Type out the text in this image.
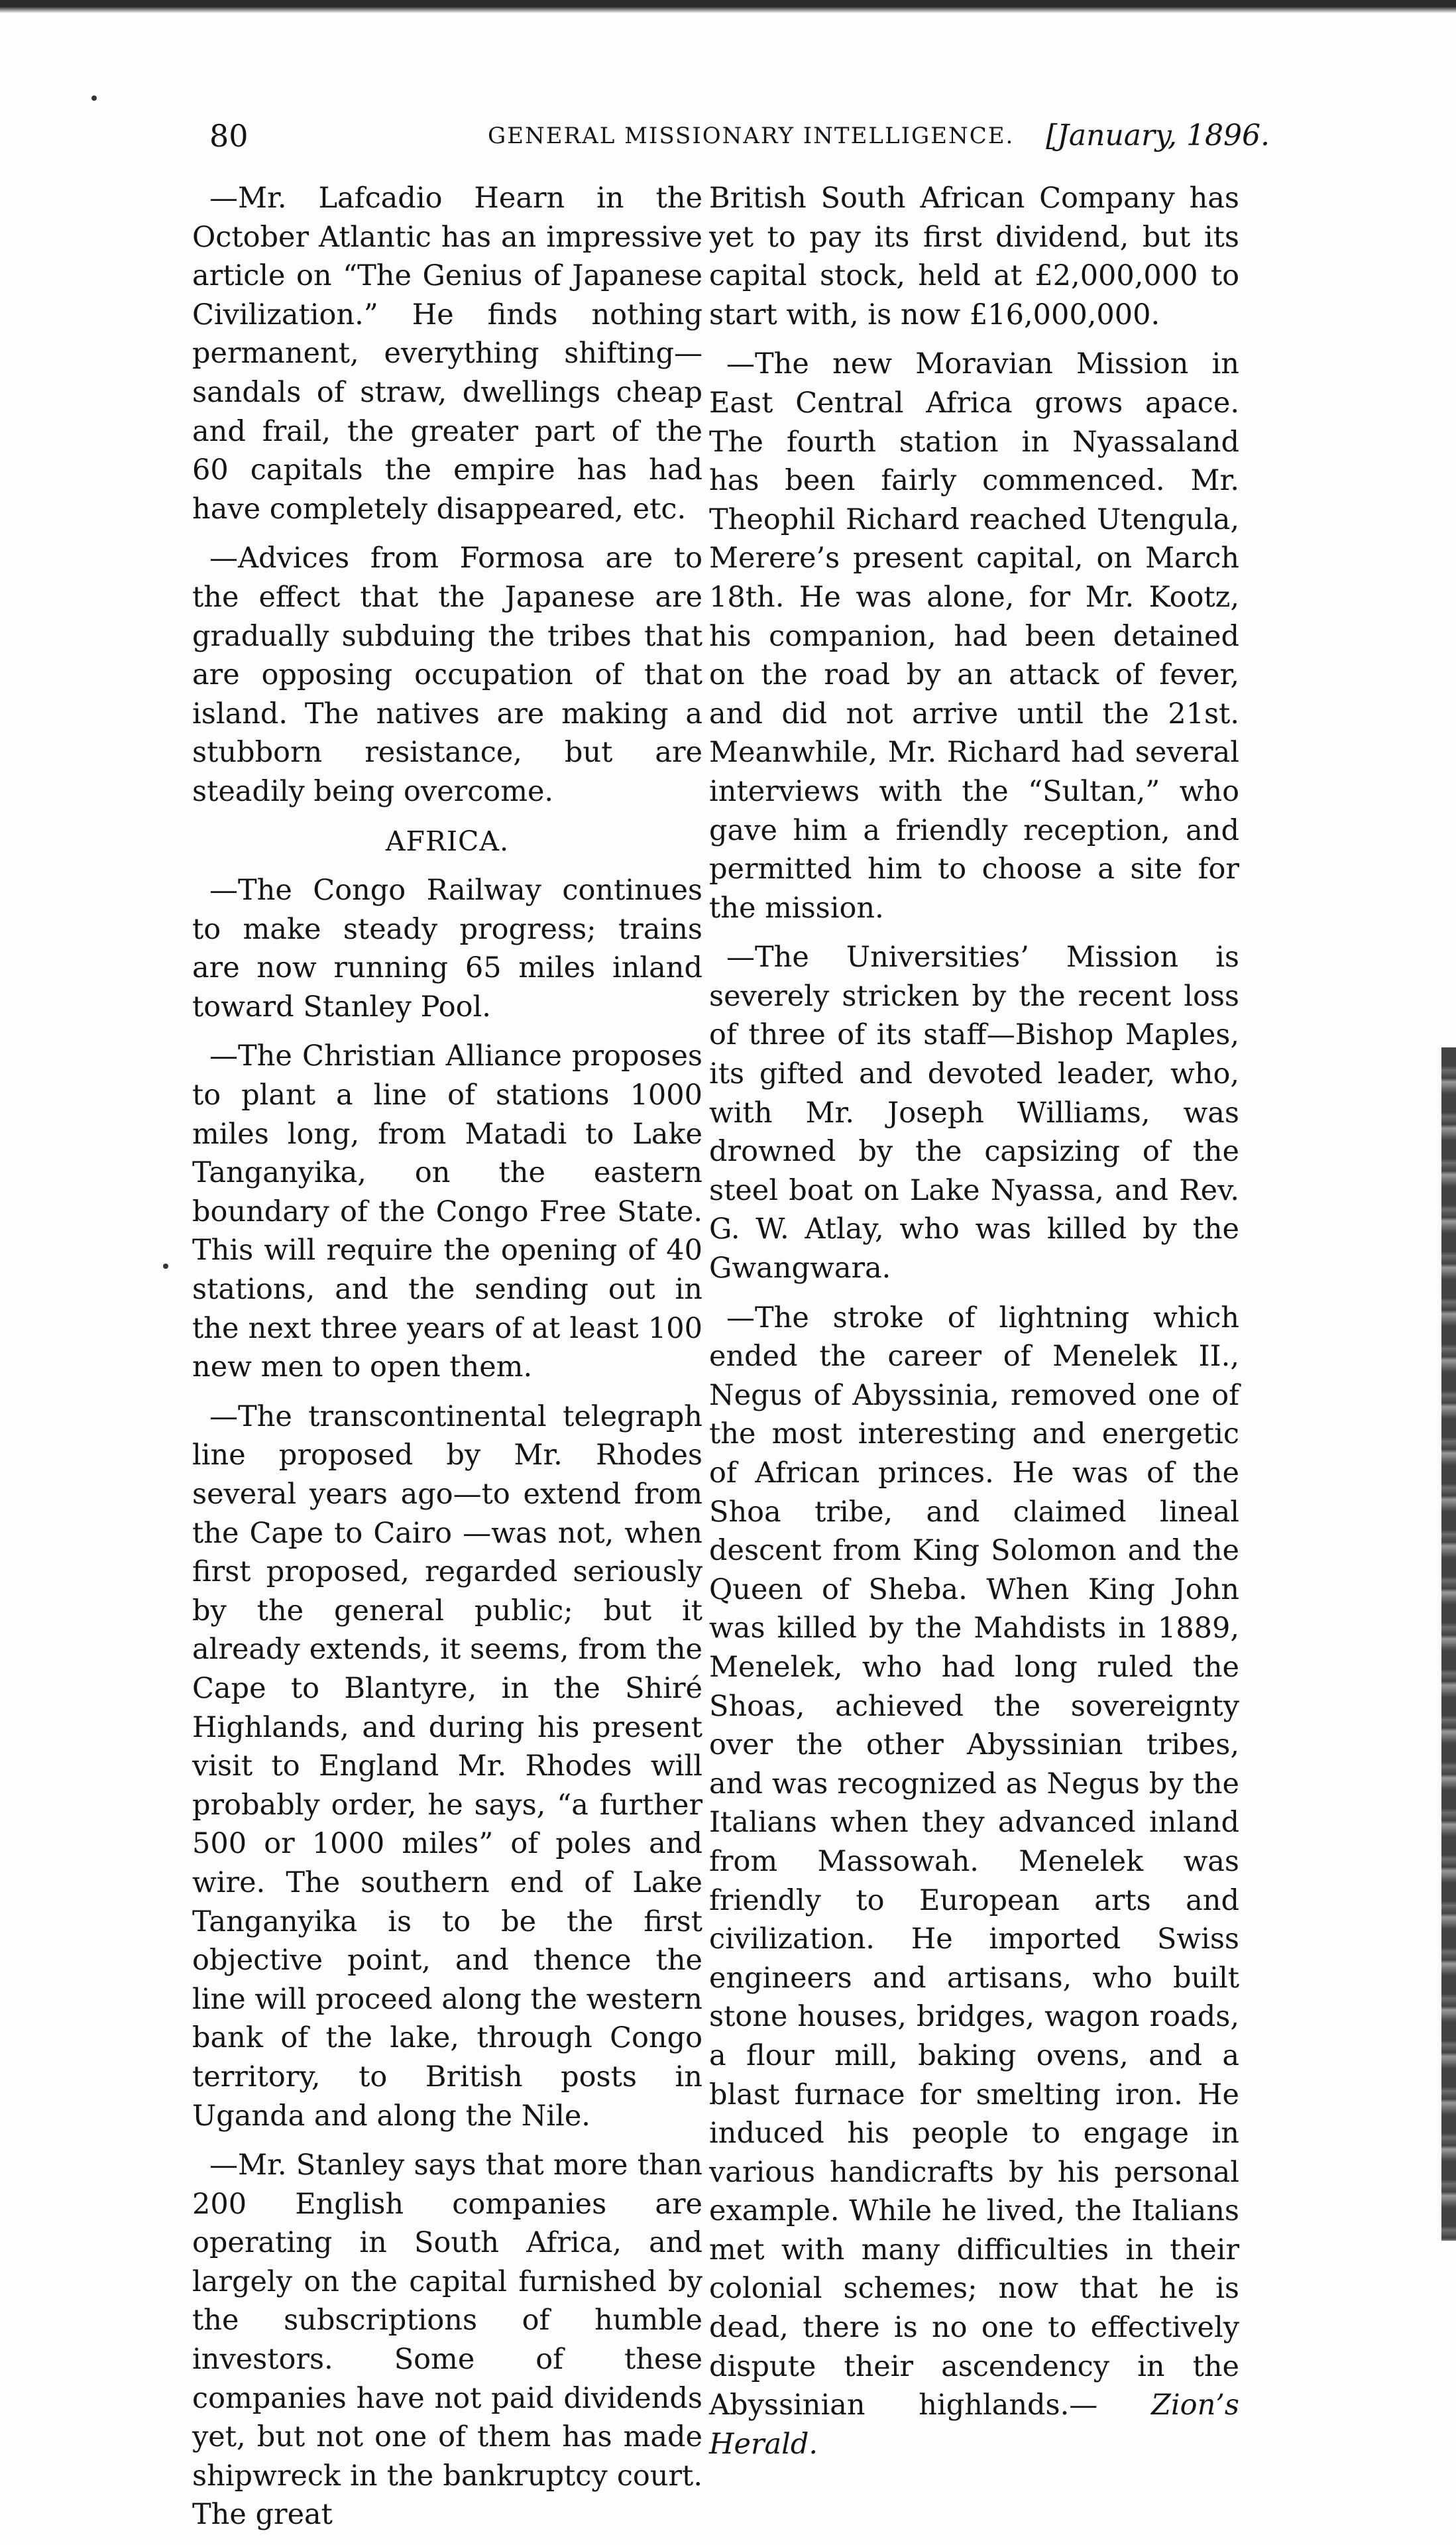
80	GENERAL MISSIONARY INTELLIGENCE. [January, 1896.

—Mr. Lafcadio Hearn in the October Atlantic has an impressive article on “The Genius of Japanese Civilization.” He finds nothing permanent, everything shifting—sandals of straw, dwellings cheap and frail, the greater part of the 60 capitals the empire has had have completely disappeared, etc.

—Advices from Formosa are to the effect that the Japanese are gradually subduing the tribes that are opposing occupation of that island. The natives are making a stubborn resistance, but are steadily being overcome.

AFRICA.

—The Congo Railway continues to make steady progress; trains are now running 65 miles inland toward Stanley Pool.

—The Christian Alliance proposes to plant a line of stations 1000 miles long, from Matadi to Lake Tanganyika, on the eastern boundary of the Congo Free State. This will require the opening of 40 stations, and the sending out in the next three years of at least 100 new men to open them.

—The transcontinental telegraph line proposed by Mr. Rhodes several years ago—to extend from the Cape to Cairo —was not, when first proposed, regarded seriously by the general public; but it already extends, it seems, from the Cape to Blantyre, in the Shiré Highlands, and during his present visit to England Mr. Rhodes will probably order, he says, “a further 500 or 1000 miles” of poles and wire. The southern end of Lake Tanganyika is to be the first objective point, and thence the line will proceed along the western bank of the lake, through Congo territory, to British posts in Uganda and along the Nile.

—Mr. Stanley says that more than 200 English companies are operating in South Africa, and largely on the capital furnished by the subscriptions of humble investors. Some of these companies have not paid dividends yet, but not one of them has made shipwreck in the bankruptcy court. The great

British South African Company has yet to pay its first dividend, but its capital stock, held at £2,000,000 to start with, is now £16,000,000.

—The new Moravian Mission in East Central Africa grows apace. The fourth station in Nyassaland has been fairly commenced. Mr. Theophil Richard reached Utengula, Merere’s present capital, on March 18th. He was alone, for Mr. Kootz, his companion, had been detained on the road by an attack of fever, and did not arrive until the 21st. Meanwhile, Mr. Richard had several interviews with the “Sultan,” who gave him a friendly reception, and permitted him to choose a site for the mission.

—The Universities’ Mission is severely stricken by the recent loss of three of its staff—Bishop Maples, its gifted and devoted leader, who, with Mr. Joseph Williams, was drowned by the capsizing of the steel boat on Lake Nyassa, and Rev. G. W. Atlay, who was killed by the Gwangwara.

—The stroke of lightning which ended the career of Menelek II., Negus of Abyssinia, removed one of the most interesting and energetic of African princes. He was of the Shoa tribe, and claimed lineal descent from King Solomon and the Queen of Sheba. When King John was killed by the Mahdists in 1889, Menelek, who had long ruled the Shoas, achieved the sovereignty over the other Abyssinian tribes, and was recognized as Negus by the Italians when they advanced inland from Massowah. Menelek was friendly to European arts and civilization. He imported Swiss engineers and artisans, who built stone houses, bridges, wagon roads, a flour mill, baking ovens, and a blast furnace for smelting iron. He induced his people to engage in various handicrafts by his personal example. While he lived, the Italians met with many difficulties in their colonial schemes; now that he is dead, there is no one to effectively dispute their ascendency in the Abyssinian highlands.— Zion’s Herald.
